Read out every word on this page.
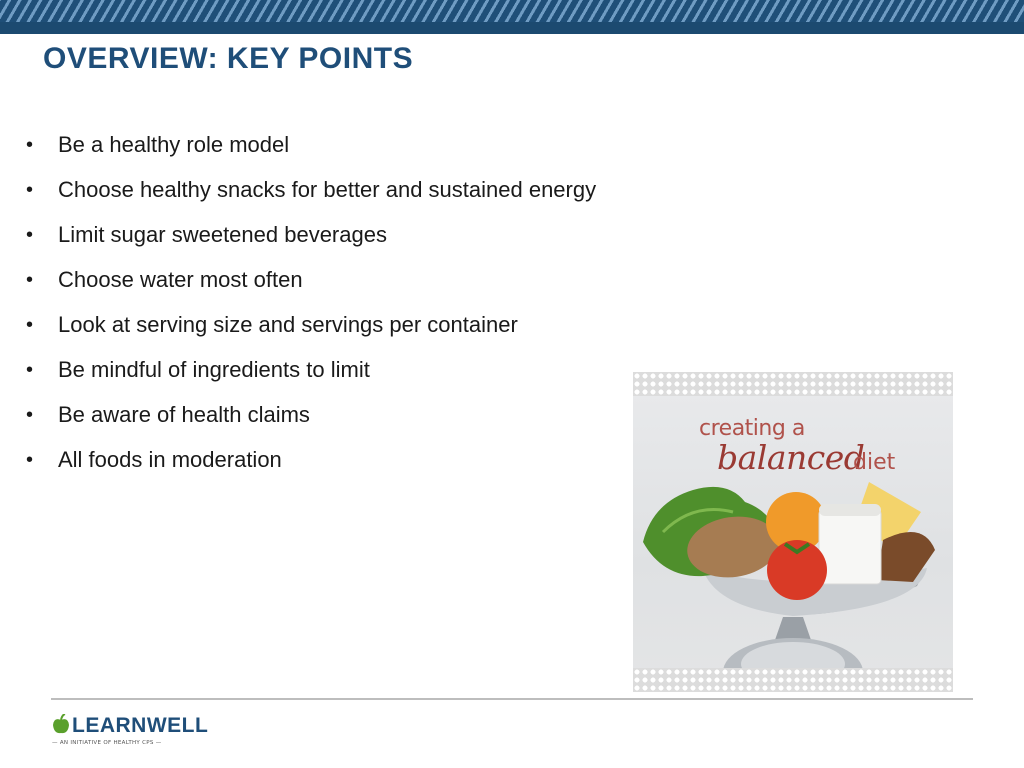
OVERVIEW: KEY POINTS
• Be a healthy role model
• Choose healthy snacks for better and sustained energy
• Limit sugar sweetened beverages
• Choose water most often
• Look at serving size and servings per container
• Be mindful of ingredients to limit
• Be aware of health claims
• All foods in moderation
creating a
balanced
diet
LEARNWELL
— AN INITIATIVE OF HEALTHY CPS —
